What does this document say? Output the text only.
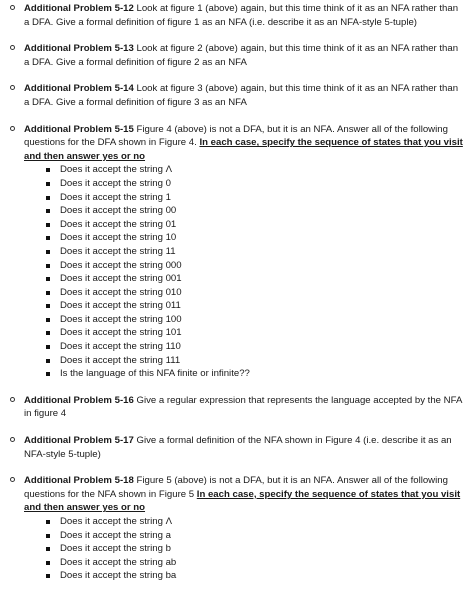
Additional Problem 5-12 Look at figure 1 (above) again, but this time think of it as an NFA rather than a DFA. Give a formal definition of figure 1 as an NFA (i.e. describe it as an NFA-style 5-tuple)
Additional Problem 5-13 Look at figure 2 (above) again, but this time think of it as an NFA rather than a DFA. Give a formal definition of figure 2 as an NFA
Additional Problem 5-14 Look at figure 3 (above) again, but this time think of it as an NFA rather than a DFA. Give a formal definition of figure 3 as an NFA
Additional Problem 5-15 Figure 4 (above) is not a DFA, but it is an NFA. Answer all of the following questions for the DFA shown in Figure 4. In each case, specify the sequence of states that you visit and then answer yes or no
Does it accept the string Λ
Does it accept the string 0
Does it accept the string 1
Does it accept the string 00
Does it accept the string 01
Does it accept the string 10
Does it accept the string 11
Does it accept the string 000
Does it accept the string 001
Does it accept the string 010
Does it accept the string 011
Does it accept the string 100
Does it accept the string 101
Does it accept the string 110
Does it accept the string 111
Is the language of this NFA finite or infinite??
Additional Problem 5-16 Give a regular expression that represents the language accepted by the NFA in figure 4
Additional Problem 5-17 Give a formal definition of the NFA shown in Figure 4 (i.e. describe it as an NFA-style 5-tuple)
Additional Problem 5-18 Figure 5 (above) is not a DFA, but it is an NFA. Answer all of the following questions for the NFA shown in Figure 5 In each case, specify the sequence of states that you visit and then answer yes or no
Does it accept the string Λ
Does it accept the string a
Does it accept the string b
Does it accept the string ab
Does it accept the string ba
